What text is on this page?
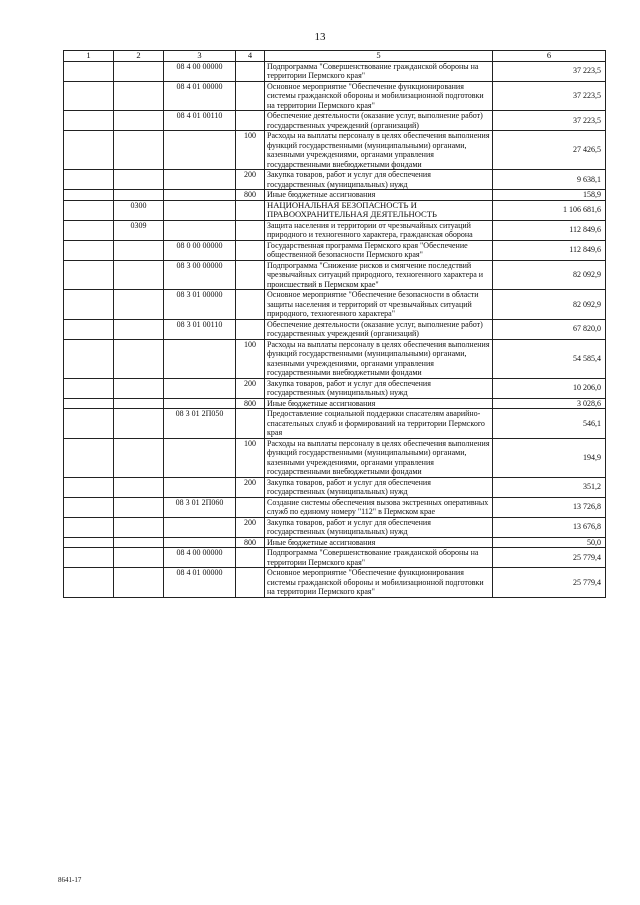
13
1	2	3	4	5	6
		08 4 00 00000		Подпрограмма "Совершенствование гражданской обороны на территории Пермского края"	37 223,5
		08 4 01 00000		Основное мероприятие "Обеспечение функционирования системы гражданской обороны и мобилизационной подготовки на территории Пермского края"	37 223,5
		08 4 01 00110		Обеспечение деятельности (оказание услуг, выполнение работ) государственных учреждений (организаций)	37 223,5
			100	Расходы на выплаты персоналу в целях обеспечения выполнения функций государственными (муниципальными) органами, казенными учреждениями, органами управления государственными внебюджетными фондами	27 426,5
			200	Закупка товаров, работ и услуг для обеспечения государственных (муниципальных) нужд	9 638,1
			800	Иные бюджетные ассигнования	158,9
	0300			НАЦИОНАЛЬНАЯ БЕЗОПАСНОСТЬ И ПРАВООХРАНИТЕЛЬНАЯ ДЕЯТЕЛЬНОСТЬ	1 106 681,6
	0309			Защита населения и территории от чрезвычайных ситуаций природного и техногенного характера, гражданская оборона	112 849,6
		08 0 00 00000		Государственная программа Пермского края "Обеспечение общественной безопасности Пермского края"	112 849,6
		08 3 00 00000		Подпрограмма "Снижение рисков и смягчение последствий чрезвычайных ситуаций природного, техногенного характера и происшествий в Пермском крае"	82 092,9
		08 3 01 00000		Основное мероприятие "Обеспечение безопасности в области защиты населения и территорий от чрезвычайных ситуаций природного, техногенного характера"	82 092,9
		08 3 01 00110		Обеспечение деятельности (оказание услуг, выполнение работ) государственных учреждений (организаций)	67 820,0
			100	Расходы на выплаты персоналу в целях обеспечения выполнения функций государственными (муниципальными) органами, казенными учреждениями, органами управления государственными внебюджетными фондами	54 585,4
			200	Закупка товаров, работ и услуг для обеспечения государственных (муниципальных) нужд	10 206,0
			800	Иные бюджетные ассигнования	3 028,6
		08 3 01 2П050		Предоставление социальной поддержки спасателям аварийно-спасательных служб и формирований на территории Пермского края	546,1
			100	Расходы на выплаты персоналу в целях обеспечения выполнения функций государственными (муниципальными) органами, казенными учреждениями, органами управления государственными внебюджетными фондами	194,9
			200	Закупка товаров, работ и услуг для обеспечения государственных (муниципальных) нужд	351,2
		08 3 01 2П060		Создание системы обеспечения вызова экстренных оперативных служб по единому номеру "112" в Пермском крае	13 726,8
			200	Закупка товаров, работ и услуг для обеспечения государственных (муниципальных) нужд	13 676,8
			800	Иные бюджетные ассигнования	50,0
		08 4 00 00000		Подпрограмма "Совершенствование гражданской обороны на территории Пермского края"	25 779,4
		08 4 01 00000		Основное мероприятие "Обеспечение функционирования системы гражданской обороны и мобилизационной подготовки на территории Пермского края"	25 779,4
8641-17
